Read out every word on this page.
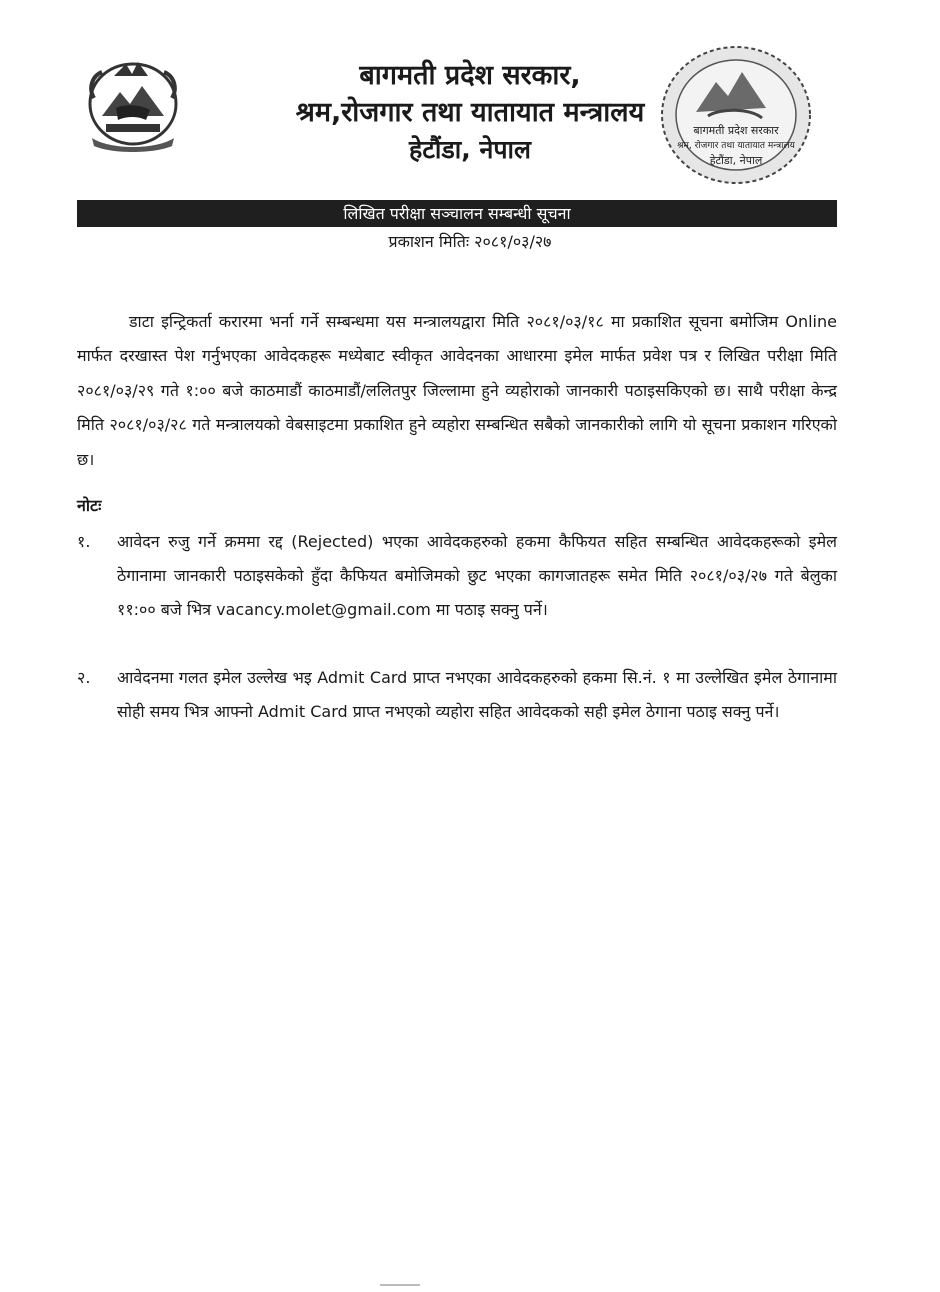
बागमती प्रदेश सरकार,
श्रम,रोजगार तथा यातायात मन्त्रालय
हेटौंडा, नेपाल
बागमती प्रदेश सरकार
श्रम, रोजगार तथा यातायात मन्त्रालय
हेटौंडा, नेपाल
लिखित परीक्षा सञ्चालन सम्बन्धी सूचना
प्रकाशन मितिः २०८१/०३/२७
डाटा इन्ट्रिकर्ता करारमा भर्ना गर्ने सम्बन्धमा यस मन्त्रालयद्वारा मिति २०८१/०३/१८ मा प्रकाशित सूचना बमोजिम Online मार्फत दरखास्त पेश गर्नुभएका आवेदकहरू मध्येबाट स्वीकृत आवेदनका आधारमा इमेल मार्फत प्रवेश पत्र र लिखित परीक्षा मिति २०८१/०३/२९ गते १:०० बजे काठमाडौं काठमाडौं/ललितपुर जिल्लामा हुने व्यहोराको जानकारी पठाइसकिएको छ। साथै परीक्षा केन्द्र मिति २०८१/०३/२८ गते मन्त्रालयको वेबसाइटमा प्रकाशित हुने व्यहोरा सम्बन्धित सबैको जानकारीको लागि यो सूचना प्रकाशन गरिएको छ।
नोटः
१. आवेदन रुजु गर्ने क्रममा रद्द (Rejected) भएका आवेदकहरुको हकमा कैफियत सहित सम्बन्धित आवेदकहरूको इमेल ठेगानामा जानकारी पठाइसकेको हुँदा कैफियत बमोजिमको छुट भएका कागजातहरू समेत मिति २०८१/०३/२७ गते बेलुका ११:०० बजे भित्र vacancy.molet@gmail.com मा पठाइ सक्नु पर्ने।
२. आवेदनमा गलत इमेल उल्लेख भइ Admit Card प्राप्त नभएका आवेदकहरुको हकमा सि.नं. १ मा उल्लेखित इमेल ठेगानामा सोही समय भित्र आफ्नो Admit Card प्राप्त नभएको व्यहोरा सहित आवेदकको सही इमेल ठेगाना पठाइ सक्नु पर्ने।
